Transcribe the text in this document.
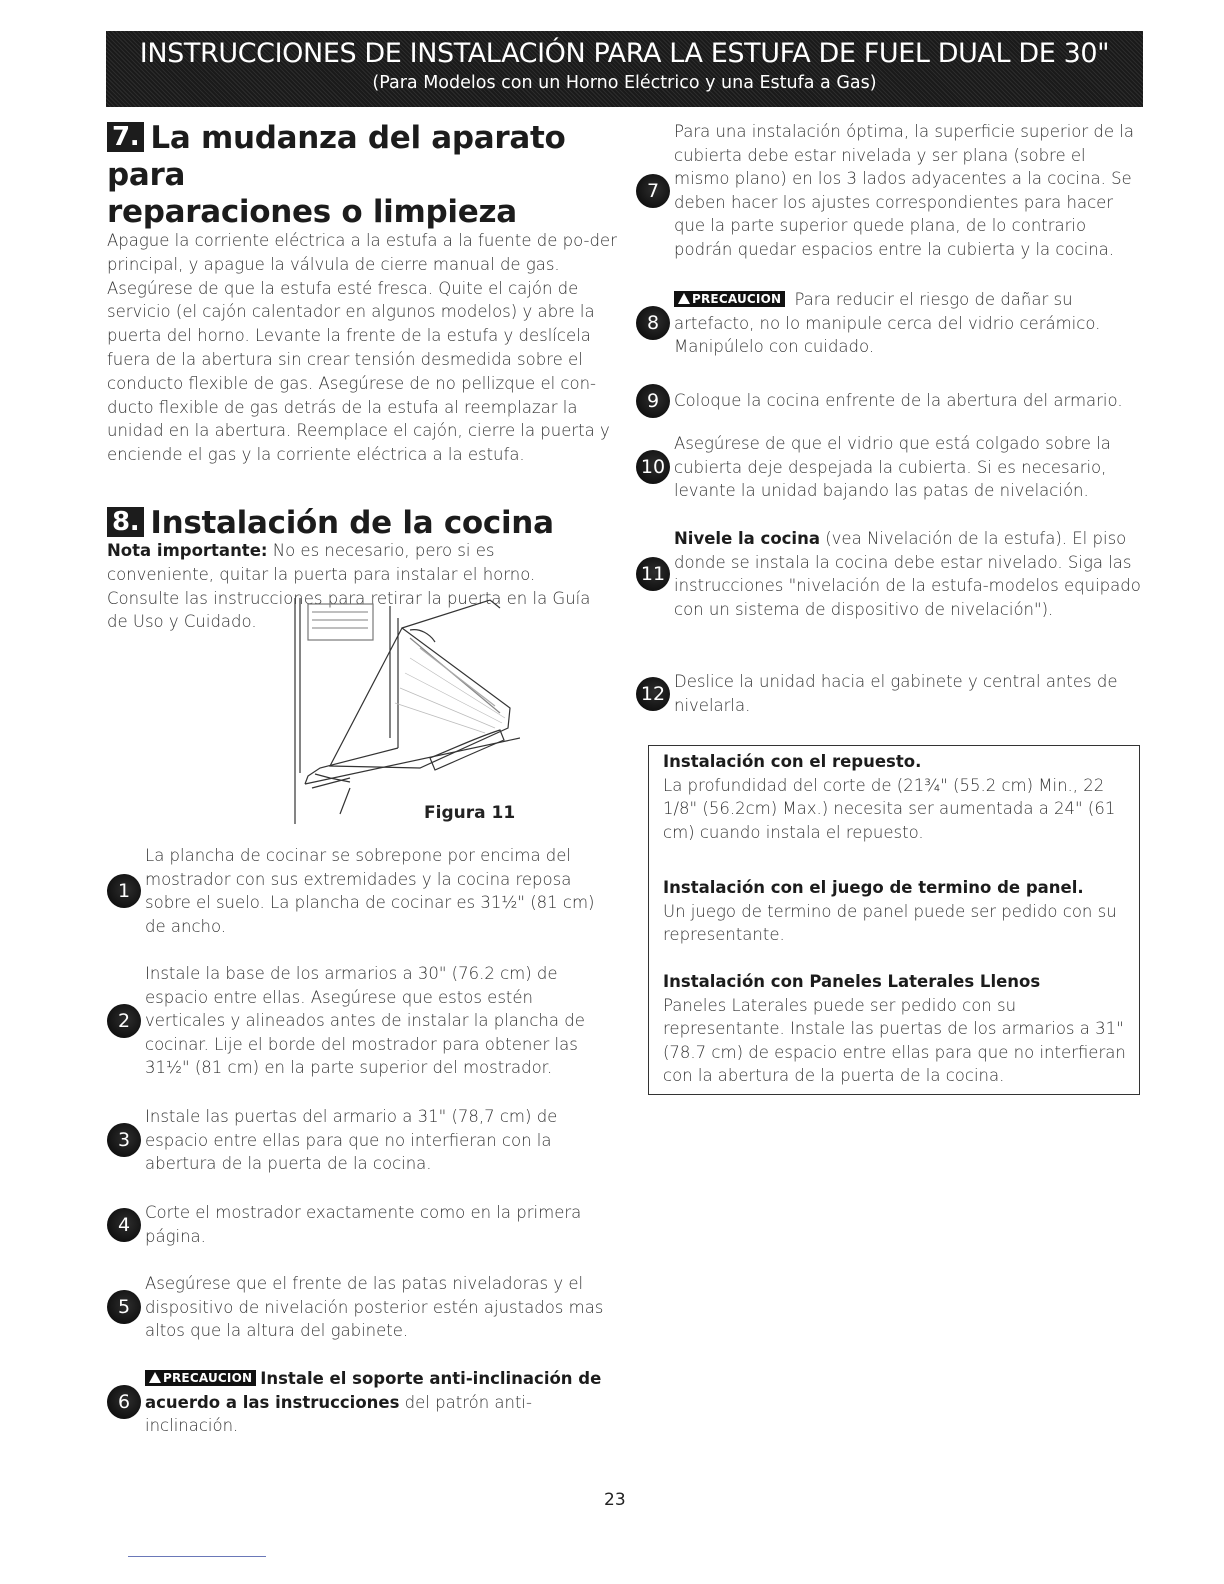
INSTRUCCIONES DE INSTALACIÓN PARA LA ESTUFA DE FUEL DUAL DE 30"
(Para Modelos con un Horno Eléctrico y una Estufa a Gas)
7. La mudanza del aparato para
reparaciones o limpieza

Apague la corriente eléctrica a la estufa a la fuente de po-der principal, y apague la válvula de cierre manual de gas. Asegúrese de que la estufa esté fresca. Quite el cajón de servicio (el cajón calentador en algunos modelos) y abre la puerta del horno. Levante la frente de la estufa y deslícela fuera de la abertura sin crear tensión desmedida sobre el conducto flexible de gas. Asegúrese de no pellizque el con-ducto flexible de gas detrás de la estufa al reemplazar la unidad en la abertura. Reemplace el cajón, cierre la puerta y enciende el gas y la corriente eléctrica a la estufa.

8. Instalación de la cocina

Nota importante: No es necesario, pero si es conveniente, quitar la puerta para instalar el horno. Consulte las instrucciones para retirar la puerta en la Guía de Uso y Cuidado.

Figura 11
1
La plancha de cocinar se sobrepone por encima del mostrador con sus extremidades y la cocina reposa sobre el suelo. La plancha de cocinar es 31½" (81 cm) de ancho.
2
Instale la base de los armarios a 30" (76.2 cm) de espacio entre ellas. Asegúrese que estos estén verticales y alineados antes de instalar la plancha de cocinar. Lije el borde del mostrador para obtener las 31½" (81 cm) en la parte superior del mostrador.
3
Instale las puertas del armario a 31" (78,7 cm) de espacio entre ellas para que no interfieran con la abertura de la puerta de la cocina.
4
Corte el mostrador exactamente como en la primera página.
5
Asegúrese que el frente de las patas niveladoras y el dispositivo de nivelación posterior estén ajustados mas altos que la altura del gabinete.
6
PRECAUCION Instale el soporte anti-inclinación de acuerdo a las instrucciones del patrón anti-inclinación.
7
Para una instalación óptima, la superficie superior de la cubierta debe estar nivelada y ser plana (sobre el mismo plano) en los 3 lados adyacentes a la cocina. Se deben hacer los ajustes correspondientes para hacer que la parte superior quede plana, de lo contrario podrán quedar espacios entre la cubierta y la cocina.
8
PRECAUCION Para reducir el riesgo de dañar su artefacto, no lo manipule cerca del vidrio cerámico. Manipúlelo con cuidado.
9 Coloque la cocina enfrente de la abertura del armario.
10
Asegúrese de que el vidrio que está colgado sobre la cubierta deje despejada la cubierta. Si es necesario, levante la unidad bajando las patas de nivelación.
11
Nivele la cocina (vea Nivelación de la estufa). El piso donde se instala la cocina debe estar nivelado. Siga las instrucciones "nivelación de la estufa-modelos equipado con un sistema de dispositivo de nivelación").
12
Deslice la unidad hacia el gabinete y central antes de nivelarla.

Instalación con el repuesto.

La profundidad del corte de (21¾" (55.2 cm) Min., 22 1/8" (56.2cm) Max.) necesita ser aumentada a 24" (61 cm) cuando instala el repuesto.

Instalación con el juego de termino de panel.

Un juego de termino de panel puede ser pedido con su representante.

Instalación con Paneles Laterales Llenos

Paneles Laterales puede ser pedido con su representante. Instale las puertas de los armarios a 31" (78.7 cm) de espacio entre ellas para que no interfieran con la abertura de la puerta de la cocina.

23
